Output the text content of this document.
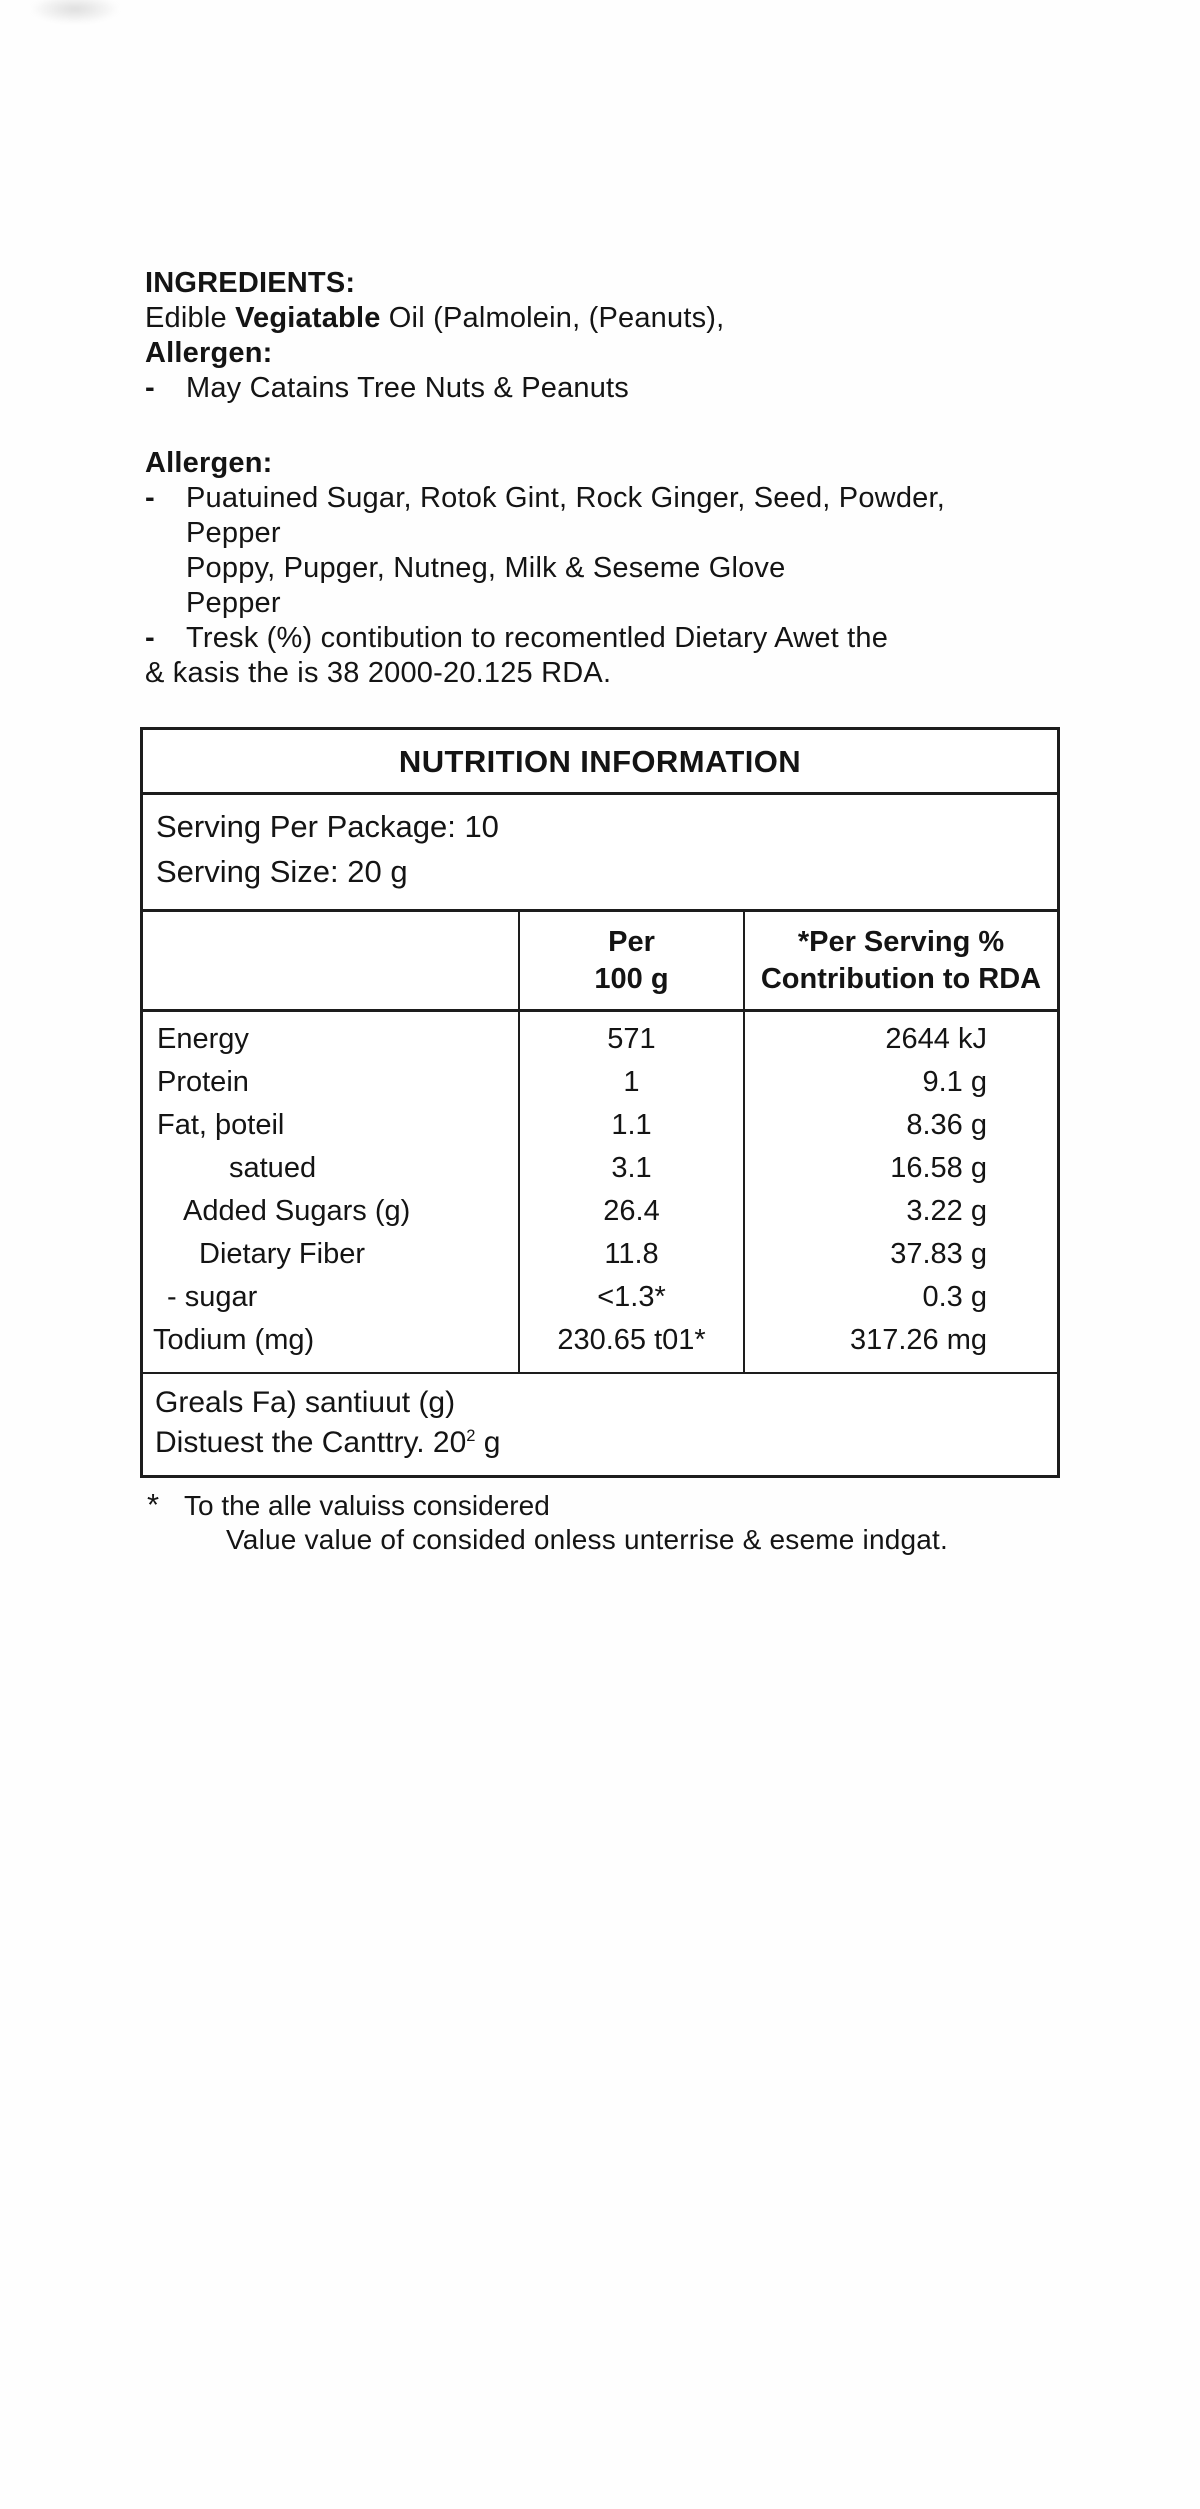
INGREDIENTS:
Edible Vegiatable Oil (Palmolein, (Peanuts),
Allergen:
-	May Catains Tree Nuts & Peanuts
Allergen:
-	Puatuined Sugar, Rotoƙ Gint, Rock Ginger, Seed, Powder,
Pepper
Poppy, Pupger, Nutneg, Milk & Seseme Glove
Pepper
-	Tresk (%) contibution to recomentled Dietary Awet the
& ƙasis the is 38 2000-20.125 RDA.
NUTRITION INFORMATION
Serving Per Package: 10
Serving Size: 20 g
Per
100 g
*Per Serving %
Contribution to RDA
Energy	571	2644 kJ
Protein	1	9.1 g
Fat, þoteil	1.1	8.36 g
satued	3.1	16.58 g
Added Sugars (g)	26.4	3.22 g
Dietary Fiber	11.8	37.83 g
- sugar	<1.3*	0.3 g
Todium (mg)	230.65 t01*	317.26 mg
Greals Fa) santiuut (g)
Distuest the Canttry. $20^2$ g
* To the alle valuiss considered
Value value of consided onless unterrise & eseme indgat.
